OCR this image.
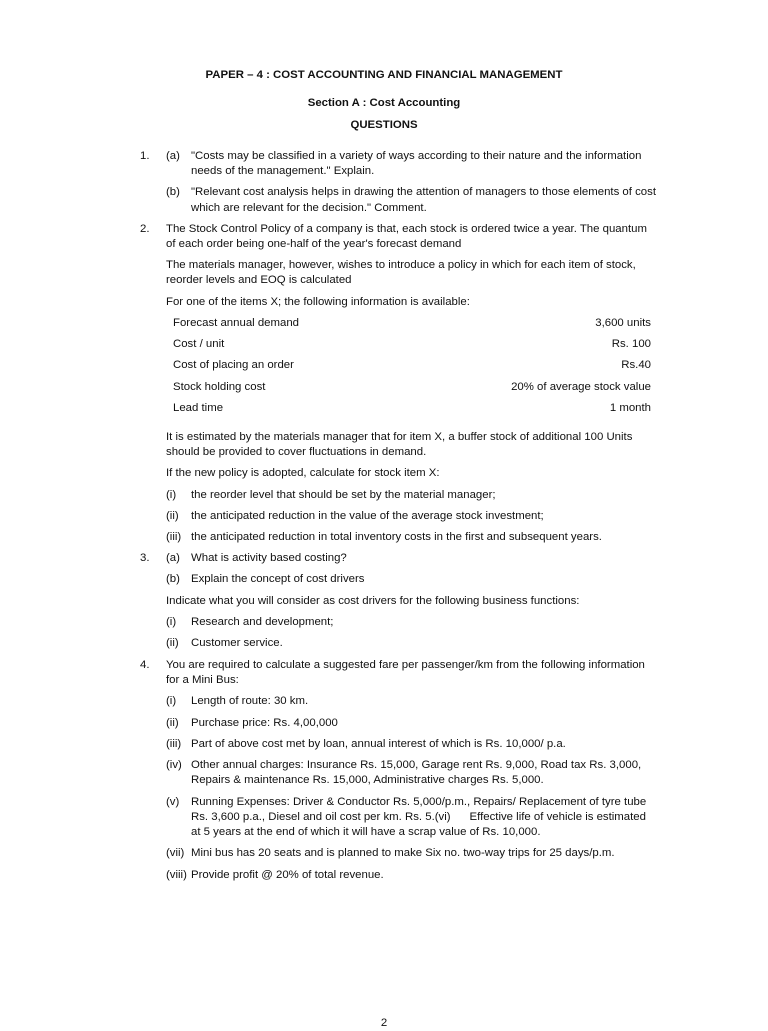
PAPER – 4 : COST ACCOUNTING AND FINANCIAL MANAGEMENT
Section A : Cost Accounting
QUESTIONS
1. (a) "Costs may be classified in a variety of ways according to their nature and the information
needs of the management." Explain.
(b) "Relevant cost analysis helps in drawing the attention of managers to those elements of cost
which are relevant for the decision." Comment.
2. The Stock Control Policy of a company is that, each stock is ordered twice a year. The quantum
of each order being one-half of the year's forecast demand
The materials manager, however, wishes to introduce a policy in which for each item of stock,
reorder levels and EOQ is calculated
For one of the items X; the following information is available:
Forecast annual demand	3,600 units
Cost / unit	Rs. 100
Cost of placing an order	Rs.40
Stock holding cost	20% of average stock value
Lead time	1 month
It is estimated by the materials manager that for item X, a buffer stock of additional 100 Units
should be provided to cover fluctuations in demand.
If the new policy is adopted, calculate for stock item X:
(i) the reorder level that should be set by the material manager;
(ii) the anticipated reduction in the value of the average stock investment;
(iii) the anticipated reduction in total inventory costs in the first and subsequent years.
3. (a) What is activity based costing?
(b) Explain the concept of cost drivers
Indicate what you will consider as cost drivers for the following business functions:
(i) Research and development;
(ii) Customer service.
4. You are required to calculate a suggested fare per passenger/km from the following information
for a Mini Bus:
(i) Length of route: 30 km.
(ii) Purchase price: Rs. 4,00,000
(iii) Part of above cost met by loan, annual interest of which is Rs. 10,000/ p.a.
(iv) Other annual charges: Insurance Rs. 15,000, Garage rent Rs. 9,000, Road tax Rs. 3,000,
Repairs & maintenance Rs. 15,000, Administrative charges Rs. 5,000.
(v) Running Expenses: Driver & Conductor Rs. 5,000/p.m., Repairs/ Replacement of tyre tube
Rs. 3,600 p.a., Diesel and oil cost per km. Rs. 5.(vi)      Effective life of vehicle is estimated
at 5 years at the end of which it will have a scrap value of Rs. 10,000.
(vii) Mini bus has 20 seats and is planned to make Six no. two-way trips for 25 days/p.m.
(viii) Provide profit @ 20% of total revenue.
2
